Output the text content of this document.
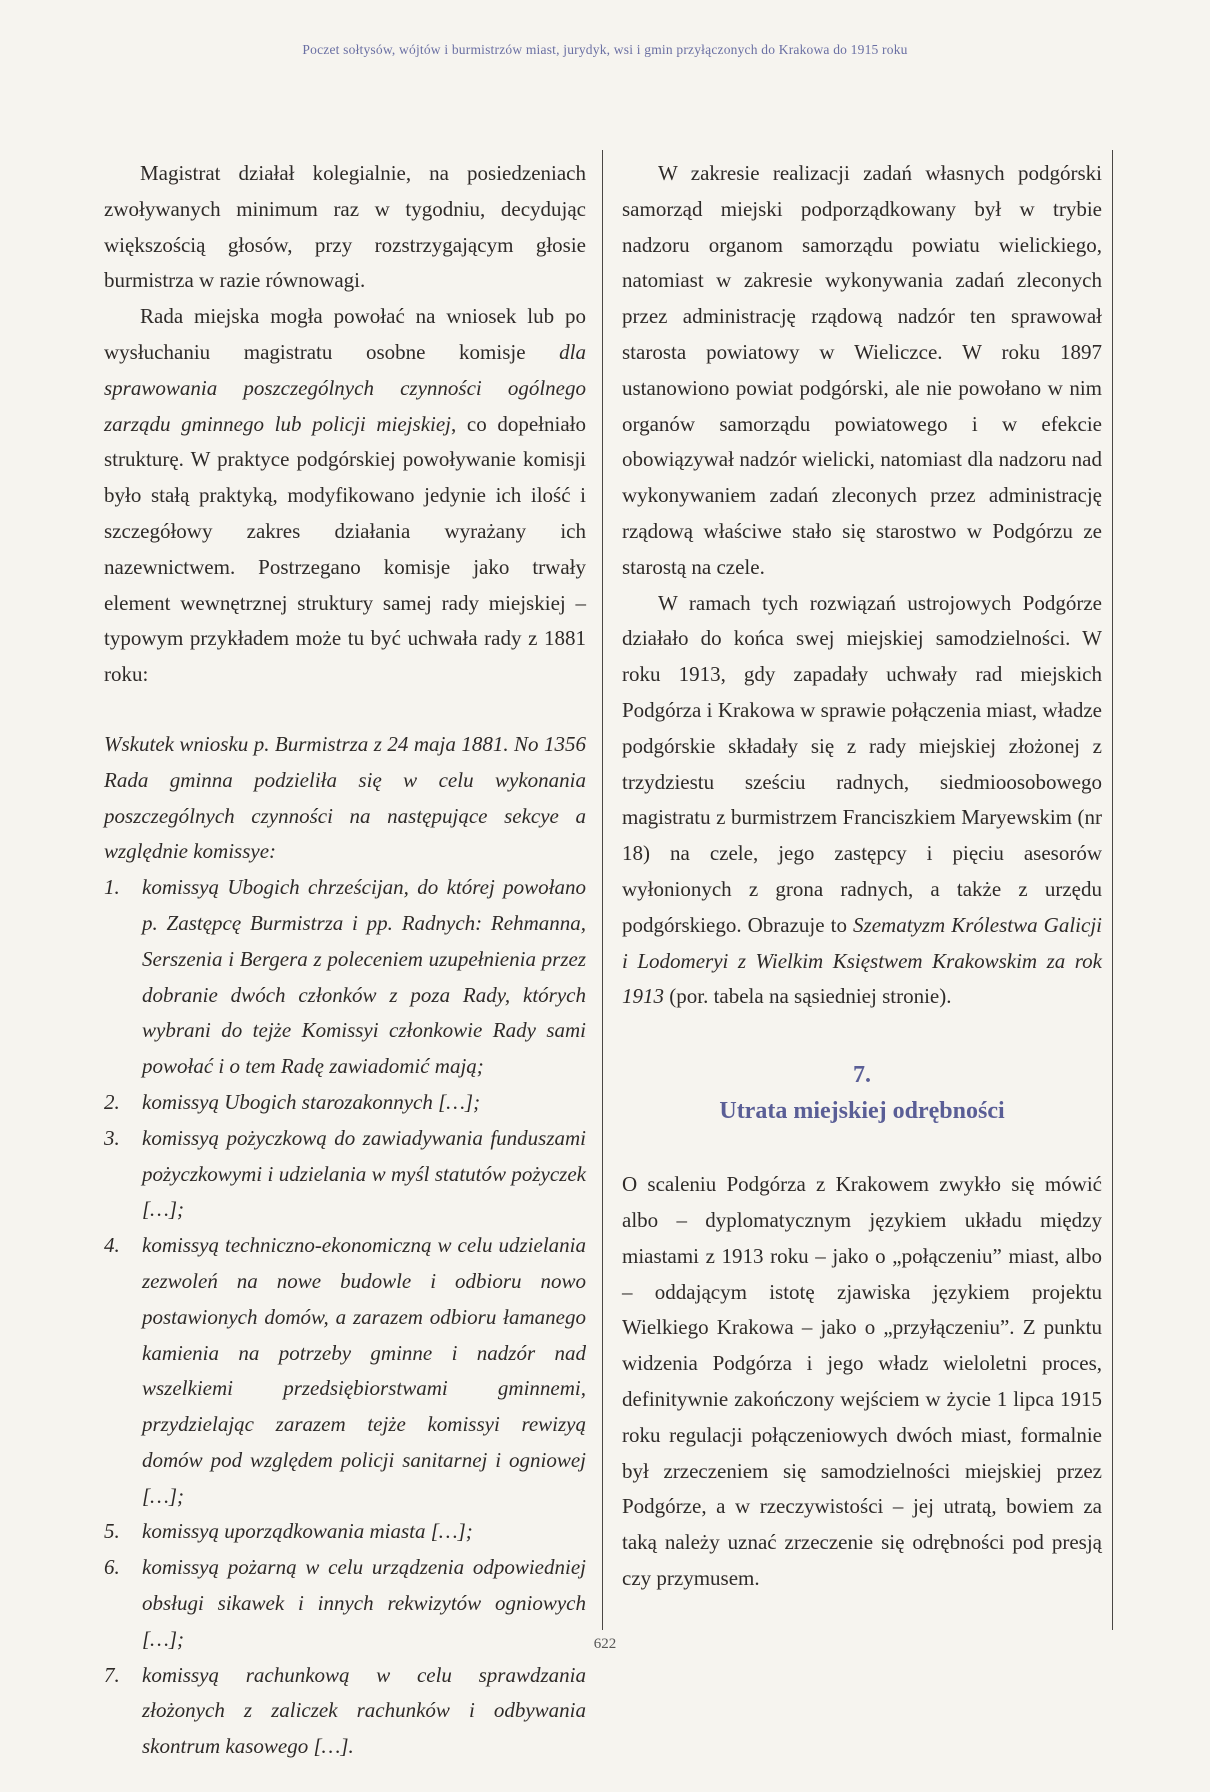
Poczet sołtysów, wójtów i burmistrzów miast, jurydyk, wsi i gmin przyłączonych do Krakowa do 1915 roku

Magistrat działał kolegialnie, na posiedzeniach zwoływanych minimum raz w tygodniu, decydując większością głosów, przy rozstrzygającym głosie burmistrza w razie równowagi.

Rada miejska mogła powołać na wniosek lub po wysłuchaniu magistratu osobne komisje dla sprawowania poszczególnych czynności ogólnego zarządu gminnego lub policji miejskiej, co dopełniało strukturę. W praktyce podgórskiej powoływanie komisji było stałą praktyką, modyfikowano jedynie ich ilość i szczegółowy zakres działania wyrażany ich nazewnictwem. Postrzegano komisje jako trwały element wewnętrznej struktury samej rady miejskiej – typowym przykładem może tu być uchwała rady z 1881 roku:

Wskutek wniosku p. Burmistrza z 24 maja 1881. No 1356 Rada gminna podzieliła się w celu wykonania poszczególnych czynności na następujące sekcye a względnie komissye:

1. komissyą Ubogich chrześcijan, do której powołano p. Zastępcę Burmistrza i pp. Radnych: Rehmanna, Serszenia i Bergera z poleceniem uzupełnienia przez dobranie dwóch członków z poza Rady, których wybrani do tejże Komissyi członkowie Rady sami powołać i o tem Radę zawiadomić mają;
2. komissyą Ubogich starozakonnych […];
3. komissyą pożyczkową do zawiadywania funduszami pożyczkowymi i udzielania w myśl statutów pożyczek […];
4. komissyą techniczno-ekonomiczną w celu udzielania zezwoleń na nowe budowle i odbioru nowo postawionych domów, a zarazem odbioru łamanego kamienia na potrzeby gminne i nadzór nad wszelkiemi przedsiębiorstwami gminnemi, przydzielając zarazem tejże komissyi rewizyą domów pod względem policji sanitarnej i ogniowej […];
5. komissyą uporządkowania miasta […];
6. komissyą pożarną w celu urządzenia odpowiedniej obsługi sikawek i innych rekwizytów ogniowych […];
7. komissyą rachunkową w celu sprawdzania złożonych z zaliczek rachunków i odbywania skontrum kasowego […].

W zakresie realizacji zadań własnych podgórski samorząd miejski podporządkowany był w trybie nadzoru organom samorządu powiatu wielickiego, natomiast w zakresie wykonywania zadań zleconych przez administrację rządową nadzór ten sprawował starosta powiatowy w Wieliczce. W roku 1897 ustanowiono powiat podgórski, ale nie powołano w nim organów samorządu powiatowego i w efekcie obowiązywał nadzór wielicki, natomiast dla nadzoru nad wykonywaniem zadań zleconych przez administrację rządową właściwe stało się starostwo w Podgórzu ze starostą na czele.

W ramach tych rozwiązań ustrojowych Podgórze działało do końca swej miejskiej samodzielności. W roku 1913, gdy zapadały uchwały rad miejskich Podgórza i Krakowa w sprawie połączenia miast, władze podgórskie składały się z rady miejskiej złożonej z trzydziestu sześciu radnych, siedmioosobowego magistratu z burmistrzem Franciszkiem Maryewskim (nr 18) na czele, jego zastępcy i pięciu asesorów wyłonionych z grona radnych, a także z urzędu podgórskiego. Obrazuje to Szematyzm Królestwa Galicji i Lodomeryi z Wielkim Księstwem Krakowskim za rok 1913 (por. tabela na sąsiedniej stronie).

7.
Utrata miejskiej odrębności

O scaleniu Podgórza z Krakowem zwykło się mówić albo – dyplomatycznym językiem układu między miastami z 1913 roku – jako o „połączeniu” miast, albo – oddającym istotę zjawiska językiem projektu Wielkiego Krakowa – jako o „przyłączeniu”. Z punktu widzenia Podgórza i jego władz wieloletni proces, definitywnie zakończony wejściem w życie 1 lipca 1915 roku regulacji połączeniowych dwóch miast, formalnie był zrzeczeniem się samodzielności miejskiej przez Podgórze, a w rzeczywistości – jej utratą, bowiem za taką należy uznać zrzeczenie się odrębności pod presją czy przymusem.

622
